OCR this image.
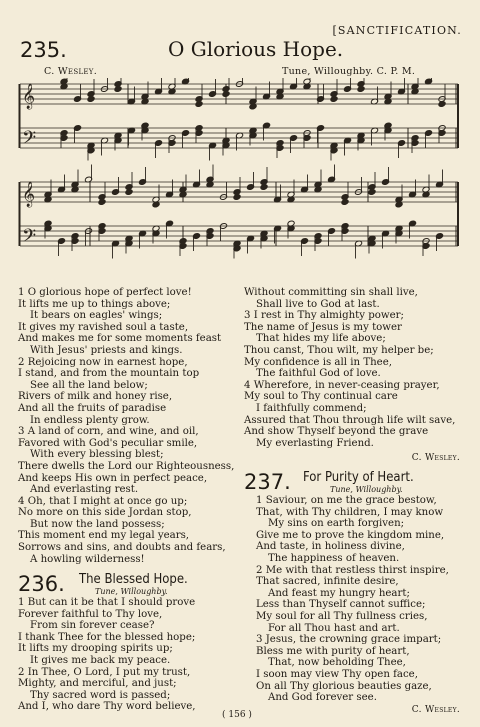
[SANCTIFICATION.
235.	O Glorious Hope.
C. Wesley.	Tune, Willoughby. C. P. M.
𝄞
𝄢
𝄞
𝄢
1 O glorious hope of perfect love!
It lifts me up to things above;
It bears on eagles' wings;
It gives my ravished soul a taste,
And makes me for some moments feast
With Jesus' priests and kings.
2 Rejoicing now in earnest hope,
I stand, and from the mountain top
See all the land below;
Rivers of milk and honey rise,
And all the fruits of paradise
In endless plenty grow.
3 A land of corn, and wine, and oil,
Favored with God's peculiar smile,
With every blessing blest;
There dwells the Lord our Righteousness,
And keeps His own in perfect peace,
And everlasting rest.
4 Oh, that I might at once go up;
No more on this side Jordan stop,
But now the land possess;
This moment end my legal years,
Sorrows and sins, and doubts and fears,
A howling wilderness!
Without committing sin shall live,
Shall live to God at last.
3 I rest in Thy almighty power;
The name of Jesus is my tower
That hides my life above;
Thou canst, Thou wilt, my helper be;
My confidence is all in Thee,
The faithful God of love.
4 Wherefore, in never-ceasing prayer,
My soul to Thy continual care
I faithfully commend;
Assured that Thou through life wilt save,
And show Thyself beyond the grave
My everlasting Friend.
C. Wesley.
237. For Purity of Heart.
Tune, Willoughby.
1 Saviour, on me the grace bestow,
That, with Thy children, I may know
My sins on earth forgiven;
Give me to prove the kingdom mine,
And taste, in holiness divine,
The happiness of heaven.
2 Me with that restless thirst inspire,
That sacred, infinite desire,
And feast my hungry heart;
Less than Thyself cannot suffice;
My soul for all Thy fullness cries,
For all Thou hast and art.
3 Jesus, the crowning grace impart;
Bless me with purity of heart,
That, now beholding Thee,
I soon may view Thy open face,
On all Thy glorious beauties gaze,
And God forever see.
C. Wesley.
236. The Blessed Hope.
Tune, Willoughby.
1 But can it be that I should prove
Forever faithful to Thy love,
From sin forever cease?
I thank Thee for the blessed hope;
It lifts my drooping spirits up;
It gives me back my peace.
2 In Thee, O Lord, I put my trust,
Mighty, and merciful, and just;
Thy sacred word is passed;
And I, who dare Thy word believe,
( 156 )
